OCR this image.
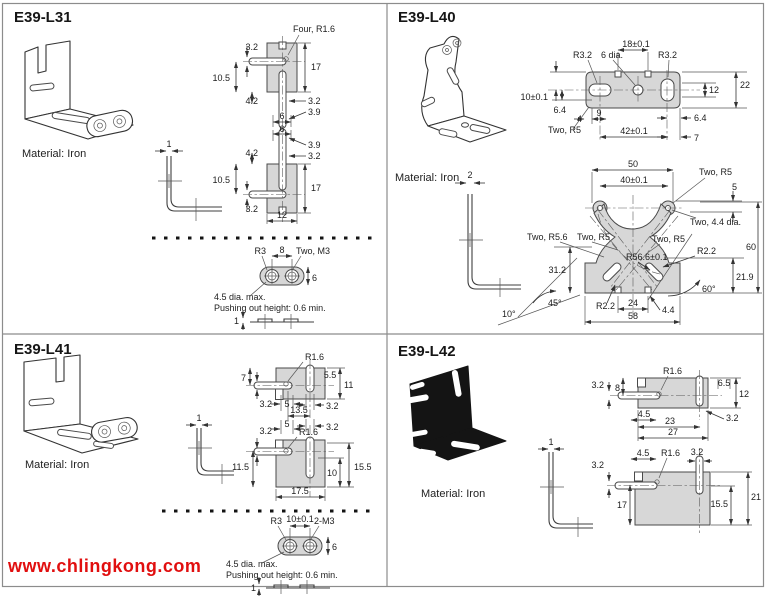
E39-L31
Material: Iron
1
Four, R1.6
3.2
10.5
17
4.2	3.2
3.9
6
6
3.9
4.2	3.2
10.5
17
3.2
12
R3 8 Two, M3
6
4.5 dia. max.
Pushing out height: 0.6 min.
1
E39-L40
Material: Iron
18±0.1
R3.2 6 dia.	R3.2
10±0.1
6.4
4
9
Two, R5	42±0.1
6.4
7
12 22
2
50
40±0.1
Two, R5
5
Two, 4.4 dia.
Two, R5.6 Two, R5	Two, R5
R56.6±0.1
R2.2
31.2
60
21.9
60°
45°
10°
R2.2 24
4.4
58
E39-L41
Material: Iron
1
R1.6
7	5.5
11
3.2 5	3.2
13.5
5	3.2
3.2	R1.6
11.5	15.5
10
17.5
R3 10±0.1 2-M3
6
4.5 dia. max.
Pushing out height: 0.6 min.
1
www.chlingkong.com
E39-L42
Material: Iron
1
3.2 8
R1.6
6.5
12
4.5	3.2
23
27
4.5 R1.6 3.2
3.2
17	15.5
21
